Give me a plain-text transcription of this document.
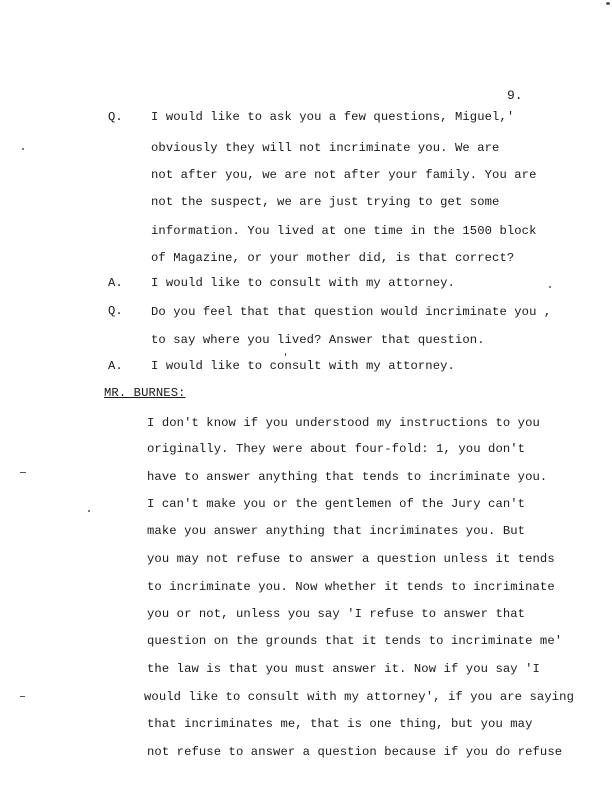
9.
Q. I would like to ask you a few questions, Miguel,'
obviously they will not incriminate you. We are
not after you, we are not after your family. You are
not the suspect, we are just trying to get some
information. You lived at one time in the 1500 block
of Magazine, or your mother did, is that correct?
A. I would like to consult with my attorney.
Q. Do you feel that that question would incriminate you ,
to say where you lived? Answer that question.
A. I would like to consult with my attorney.
MR. BURNES:
I don't know if you understood my instructions to you
originally. They were about four-fold: 1, you don't
have to answer anything that tends to incriminate you.
I can't make you or the gentlemen of the Jury can't
make you answer anything that incriminates you. But
you may not refuse to answer a question unless it tends
to incriminate you. Now whether it tends to incriminate
you or not, unless you say 'I refuse to answer that
question on the grounds that it tends to incriminate me'
the law is that you must answer it. Now if you say 'I
would like to consult with my attorney', if you are saying
that incriminates me, that is one thing, but you may
not refuse to answer a question because if you do refuse
